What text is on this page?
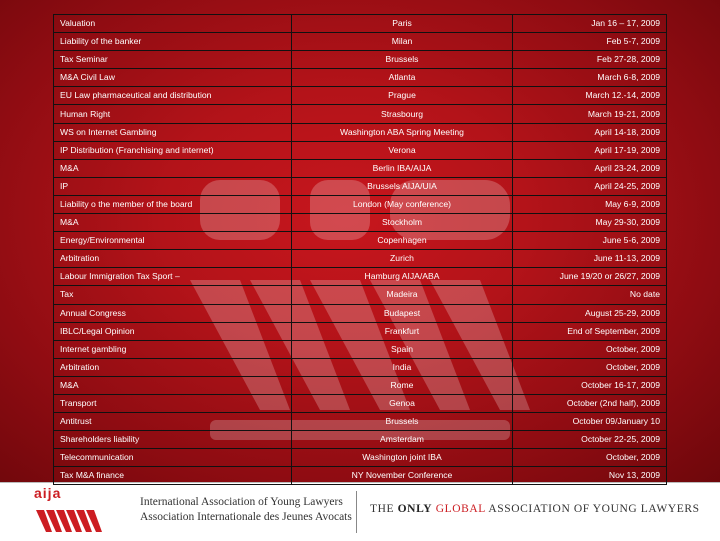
Valuation	Paris	Jan 16 – 17, 2009
Liability of the banker	Milan	Feb 5-7, 2009
Tax Seminar	Brussels	Feb 27-28, 2009
M&A Civil Law	Atlanta	March 6-8, 2009
EU Law pharmaceutical and distribution	Prague	March 12.-14, 2009
Human Right	Strasbourg	March 19-21, 2009
WS on Internet Gambling	Washington ABA Spring Meeting	April 14-18, 2009
IP Distribution (Franchising and internet)	Verona	April 17-19, 2009
M&A	Berlin IBA/AIJA	April 23-24, 2009
IP	Brussels AIJA/UIA	April 24-25, 2009
Liability o the member of the board	London (May conference)	May 6-9, 2009
M&A	Stockholm	May 29-30, 2009
Energy/Environmental	Copenhagen	June 5-6, 2009
Arbitration	Zurich	June 11-13, 2009
Labour Immigration Tax Sport –	Hamburg AIJA/ABA	June 19/20 or 26/27, 2009
Tax	Madeira	No date
Annual Congress	Budapest	August 25-29, 2009
IBLC/Legal Opinion	Frankfurt	End of September, 2009
Internet gambling	Spain	October, 2009
Arbitration	India	October, 2009
M&A	Rome	October 16-17, 2009
Transport	Genoa	October (2nd half), 2009
Antitrust	Brussels	October 09/January 10
Shareholders liability	Amsterdam	October 22-25, 2009
Telecommunication	Washington joint IBA	October, 2009
Tax M&A finance	NY November Conference	Nov 13, 2009
aija
International Association of Young Lawyers
Association Internationale des Jeunes Avocats
THE ONLY GLOBAL ASSOCIATION OF YOUNG LAWYERS
